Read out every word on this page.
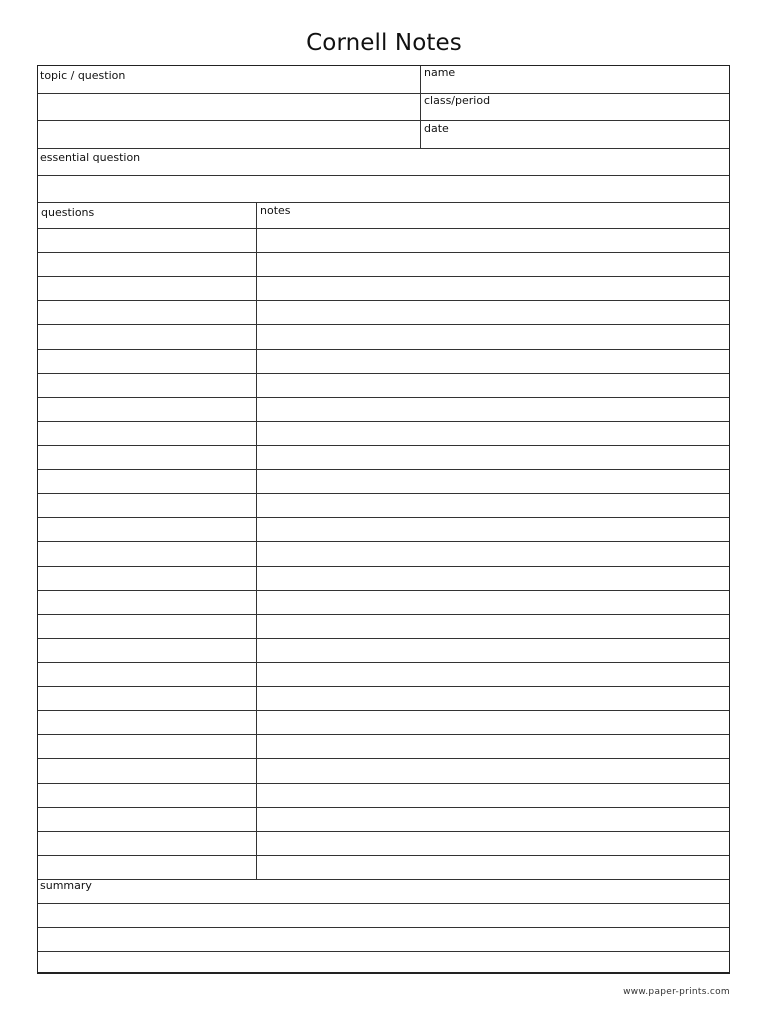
Cornell Notes
topic / question	name
class/period
date
essential question
questions	notes
summary
www.paper-prints.com
